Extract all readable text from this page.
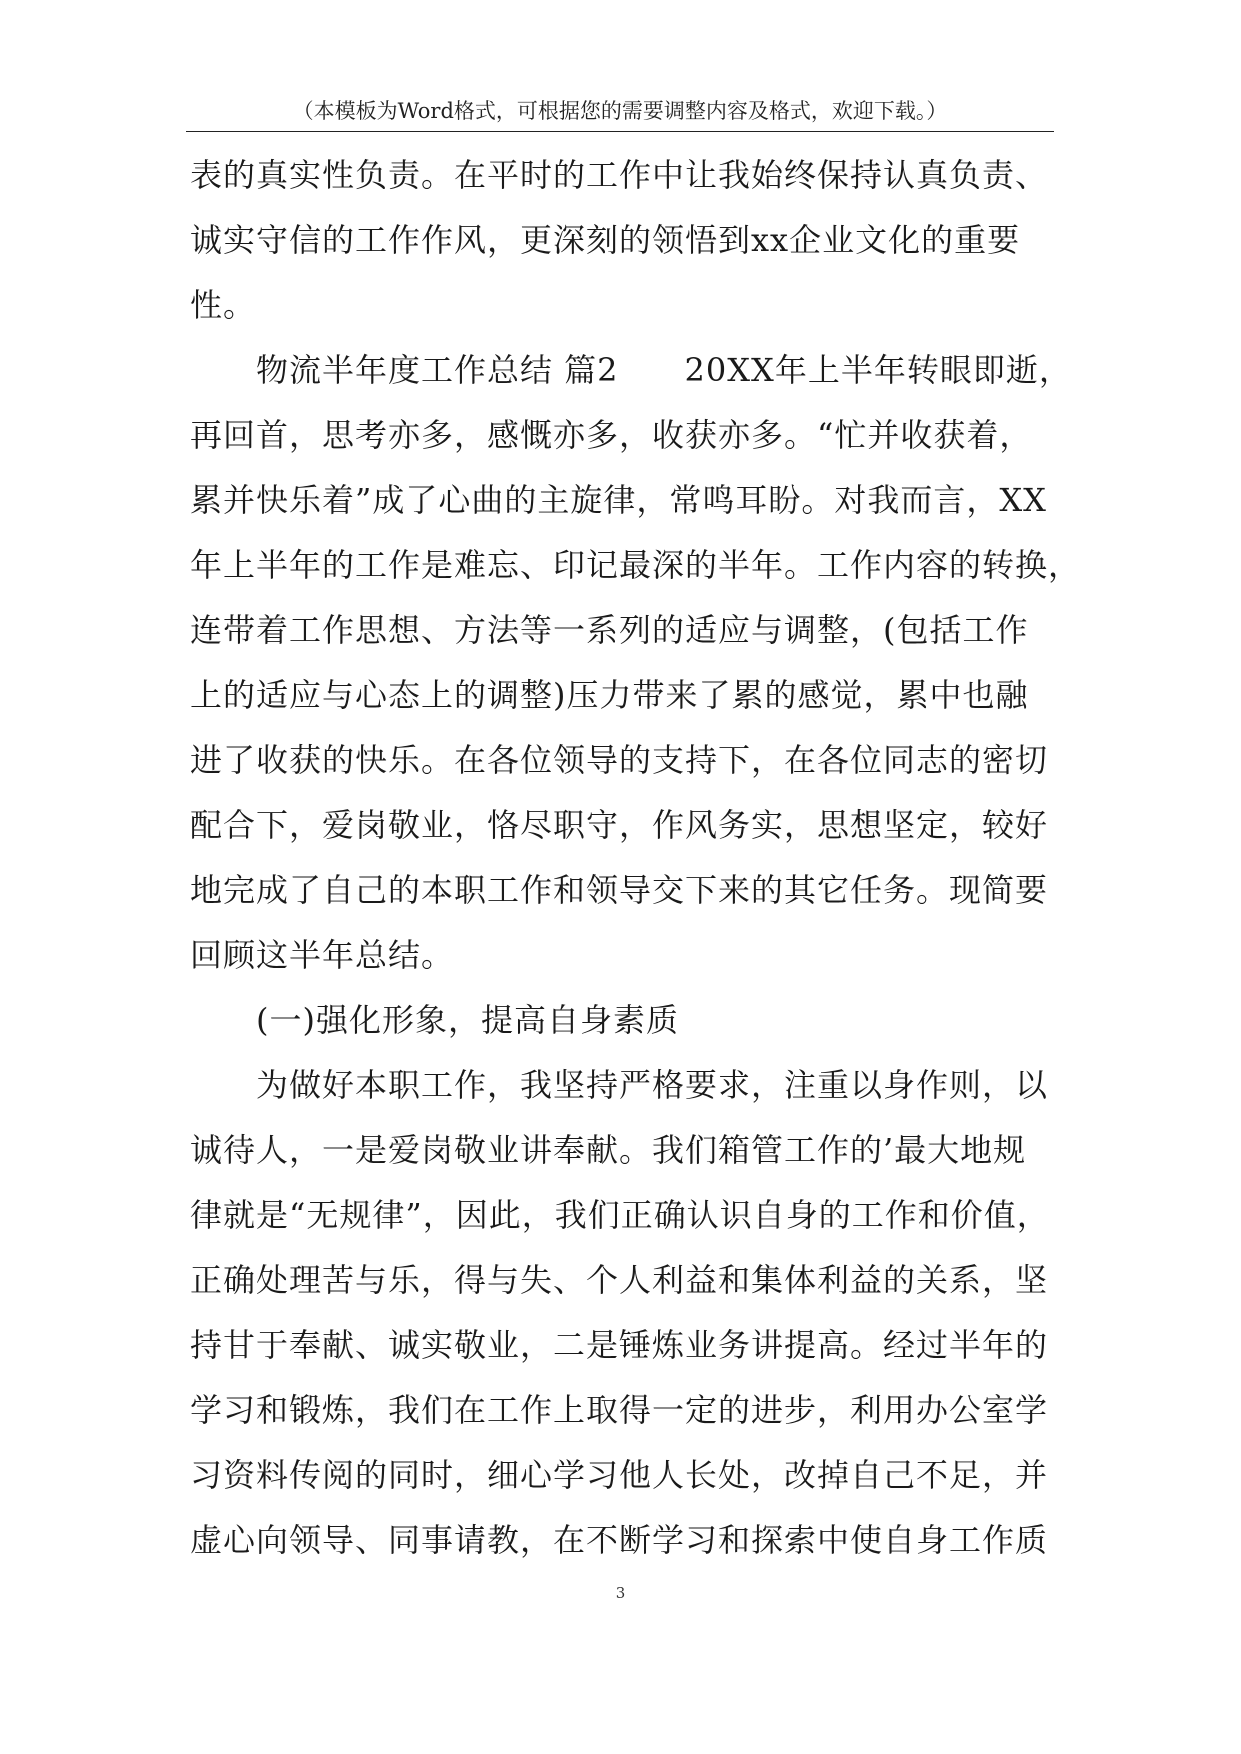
（本模板为Word格式，可根据您的需要调整内容及格式，欢迎下载。）
表的真实性负责。在平时的工作中让我始终保持认真负责、
诚实守信的工作作风，更深刻的领悟到xx企业文化的重要
性。
物流半年度工作总结 篇2　　20XX年上半年转眼即逝，
再回首，思考亦多，感慨亦多，收获亦多。“忙并收获着，
累并快乐着”成了心曲的主旋律，常鸣耳盼。对我而言，XX
年上半年的工作是难忘、印记最深的半年。工作内容的转换，
连带着工作思想、方法等一系列的适应与调整，(包括工作
上的适应与心态上的调整)压力带来了累的感觉，累中也融
进了收获的快乐。在各位领导的支持下，在各位同志的密切
配合下，爱岗敬业，恪尽职守，作风务实，思想坚定，较好
地完成了自己的本职工作和领导交下来的其它任务。现简要
回顾这半年总结。
(一)强化形象，提高自身素质
为做好本职工作，我坚持严格要求，注重以身作则，以
诚待人，一是爱岗敬业讲奉献。我们箱管工作的’最大地规
律就是“无规律”，因此，我们正确认识自身的工作和价值，
正确处理苦与乐，得与失、个人利益和集体利益的关系，坚
持甘于奉献、诚实敬业，二是锤炼业务讲提高。经过半年的
学习和锻炼，我们在工作上取得一定的进步，利用办公室学
习资料传阅的同时，细心学习他人长处，改掉自己不足，并
虚心向领导、同事请教，在不断学习和探索中使自身工作质
3
